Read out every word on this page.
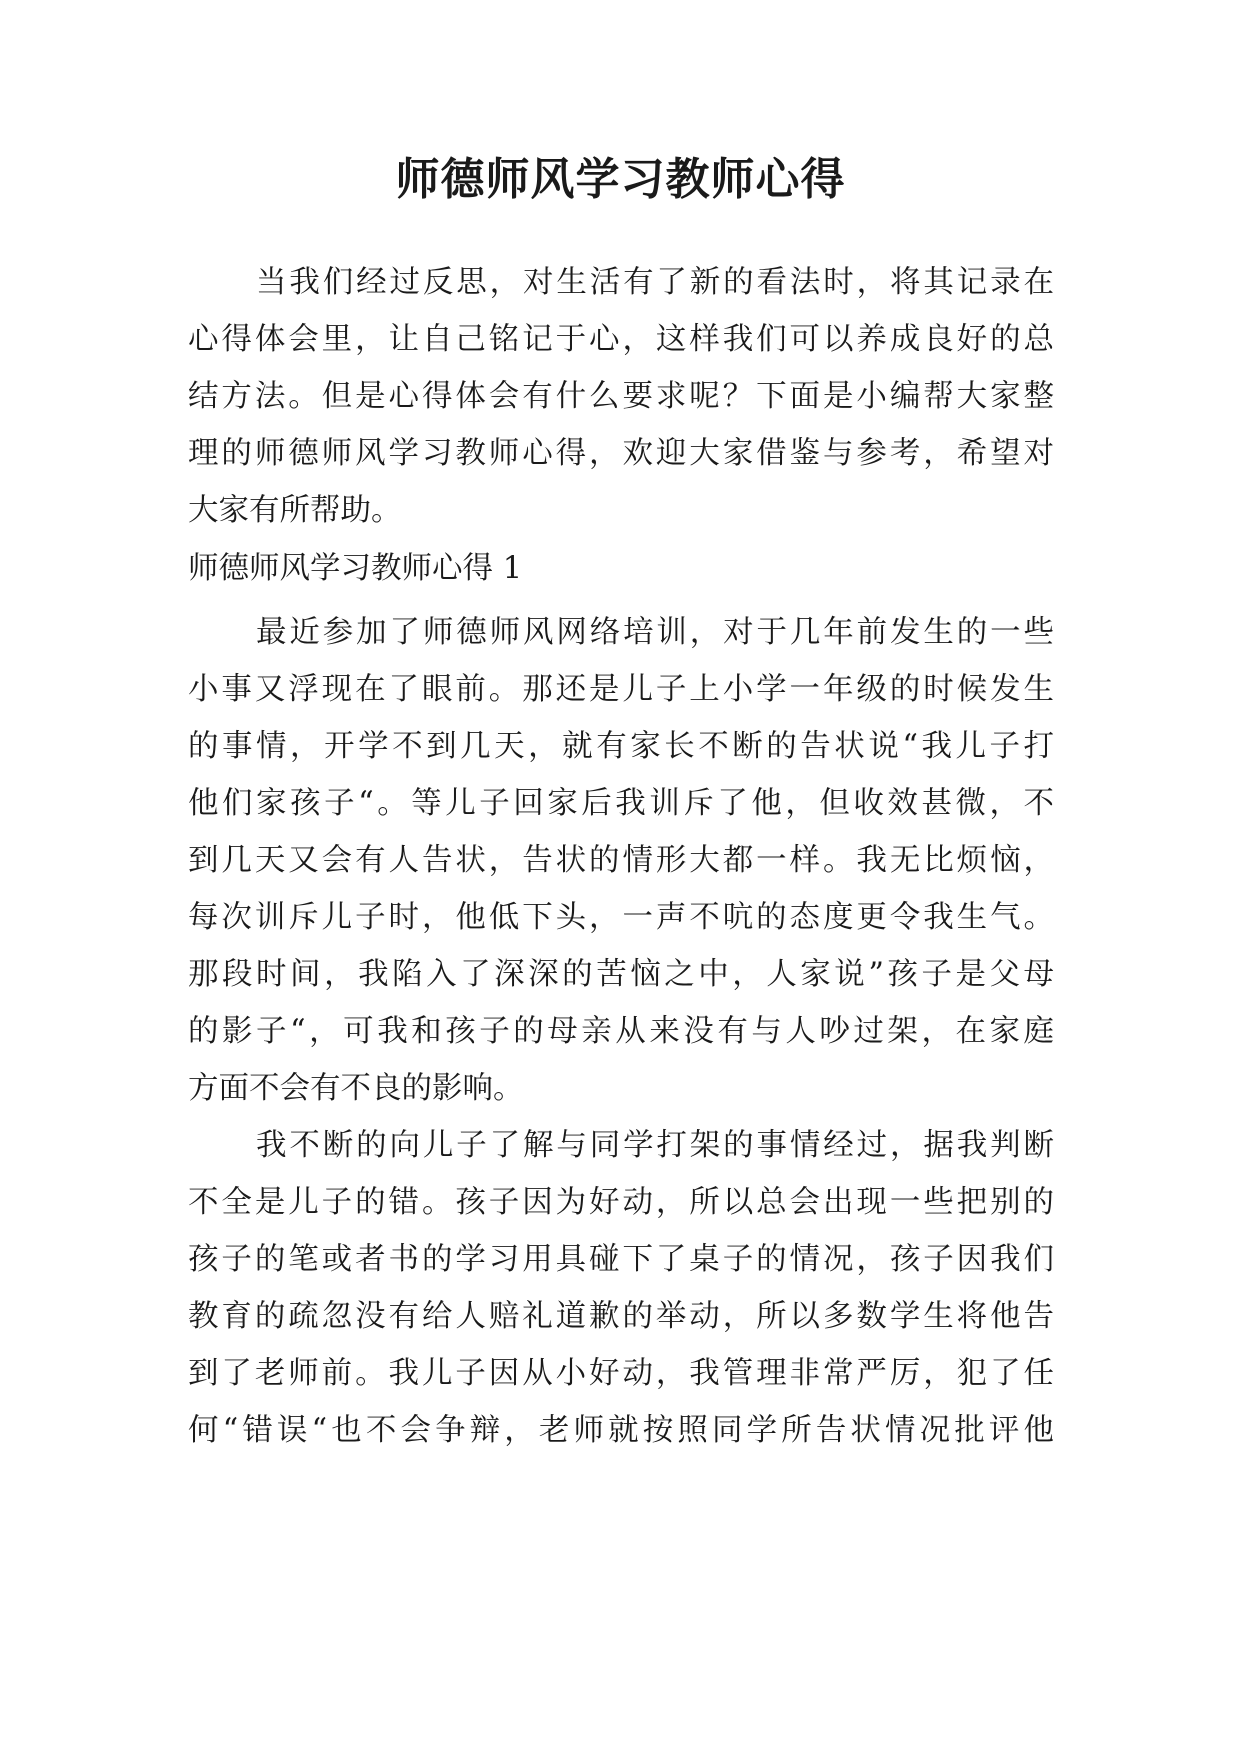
师德师风学习教师心得
当我们经过反思，对生活有了新的看法时，将其记录在
心得体会里，让自己铭记于心，这样我们可以养成良好的总
结方法。但是心得体会有什么要求呢？下面是小编帮大家整
理的师德师风学习教师心得，欢迎大家借鉴与参考，希望对
大家有所帮助。
师德师风学习教师心得 1
最近参加了师德师风网络培训，对于几年前发生的一些
小事又浮现在了眼前。那还是儿子上小学一年级的时候发生
的事情，开学不到几天，就有家长不断的告状说“我儿子打
他们家孩子“。等儿子回家后我训斥了他，但收效甚微，不
到几天又会有人告状，告状的情形大都一样。我无比烦恼，
每次训斥儿子时，他低下头，一声不吭的态度更令我生气。
那段时间，我陷入了深深的苦恼之中，人家说”孩子是父母
的影子“，可我和孩子的母亲从来没有与人吵过架，在家庭
方面不会有不良的影响。
我不断的向儿子了解与同学打架的事情经过，据我判断
不全是儿子的错。孩子因为好动，所以总会出现一些把别的
孩子的笔或者书的学习用具碰下了桌子的情况，孩子因我们
教育的疏忽没有给人赔礼道歉的举动，所以多数学生将他告
到了老师前。我儿子因从小好动，我管理非常严厉，犯了任
何“错误“也不会争辩，老师就按照同学所告状情况批评他
